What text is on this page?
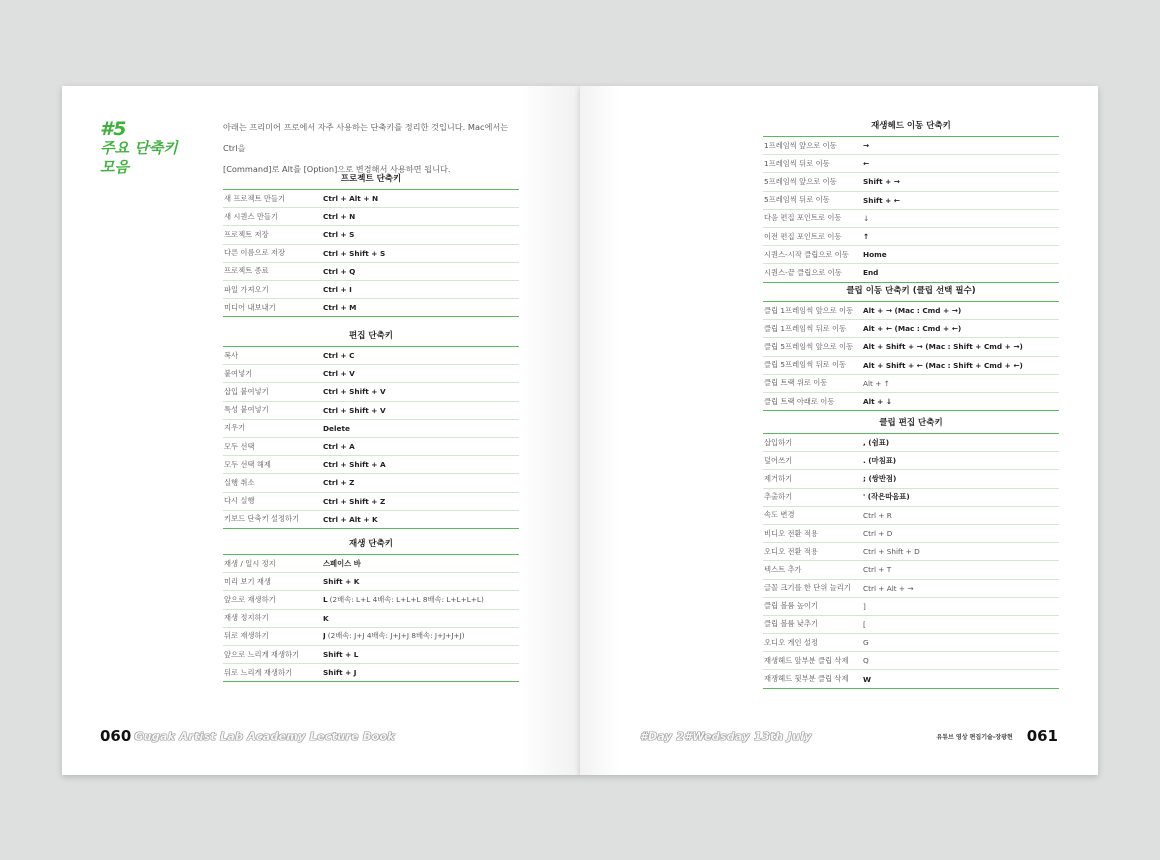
#5
주요 단축키
모음
아래는 프리미어 프로에서 자주 사용하는 단축키를 정리한 것입니다. Mac에서는 Ctrl을
[Command]로 Alt를 [Option]으로 변경해서 사용하면 됩니다.
프로젝트 단축키
새 프로젝트 만들기	Ctrl + Alt + N
새 시퀀스 만들기	Ctrl + N
프로젝트 저장	Ctrl + S
다른 이름으로 저장	Ctrl + Shift + S
프로젝트 종료	Ctrl + Q
파일 가져오기	Ctrl + I
미디어 내보내기	Ctrl + M
편집 단축키
복사	Ctrl + C
붙여넣기	Ctrl + V
삽입 붙여넣기	Ctrl + Shift + V
특성 붙여넣기	Ctrl + Shift + V
지우기	Delete
모두 선택	Ctrl + A
모두 선택 해제	Ctrl + Shift + A
실행 취소	Ctrl + Z
다시 실행	Ctrl + Shift + Z
키보드 단축키 설정하기	Ctrl + Alt + K
재생 단축키
재생 / 일시 정지	스페이스 바
미리 보기 재생	Shift + K
앞으로 재생하기	L (2배속: L+L 4배속: L+L+L 8배속: L+L+L+L)
재생 정지하기	K
뒤로 재생하기	J (2배속: J+J 4배속: J+J+J 8배속: J+J+J+J)
앞으로 느리게 재생하기	Shift + L
뒤로 느리게 재생하기	Shift + J
060 Gugak Artist Lab Academy Lecture Book
재생헤드 이동 단축키
1프레임씩 앞으로 이동	→
1프레임씩 뒤로 이동	←
5프레임씩 앞으로 이동	Shift + →
5프레임씩 뒤로 이동	Shift + ←
다음 편집 포인트로 이동	↓
이전 편집 포인트로 이동	↑
시퀀스-시작 클립으로 이동	Home
시퀀스-끝 클립으로 이동	End
클립 이동 단축키 (클립 선택 필수)
클립 1프레임씩 앞으로 이동	Alt + → (Mac : Cmd + →)
클립 1프레임씩 뒤로 이동	Alt + ← (Mac : Cmd + ←)
클립 5프레임씩 앞으로 이동	Alt + Shift + → (Mac : Shift + Cmd + →)
클립 5프레임씩 뒤로 이동	Alt + Shift + ← (Mac : Shift + Cmd + ←)
클립 트랙 위로 이동	Alt + ↑
클립 트랙 아래로 이동	Alt + ↓
클립 편집 단축키
삽입하기	, (쉼표)
덮어쓰기	. (마침표)
제거하기	; (쌍반점)
추출하기	' (작은따옴표)
속도 변경	Ctrl + R
비디오 전환 적용	Ctrl + D
오디오 전환 적용	Ctrl + Shift + D
텍스트 추가	Ctrl + T
글꼴 크기를 한 단위 늘리기	Ctrl + Alt + →
클립 볼륨 높이기	]
클립 볼륨 낮추기	[
오디오 게인 설정	G
재생헤드 앞부분 클립 삭제	Q
재쟁헤드 뒷부분 클립 삭제	W
#Day 2#Wedsday 13th July	유튜브 영상 편집기술-장광현 061
